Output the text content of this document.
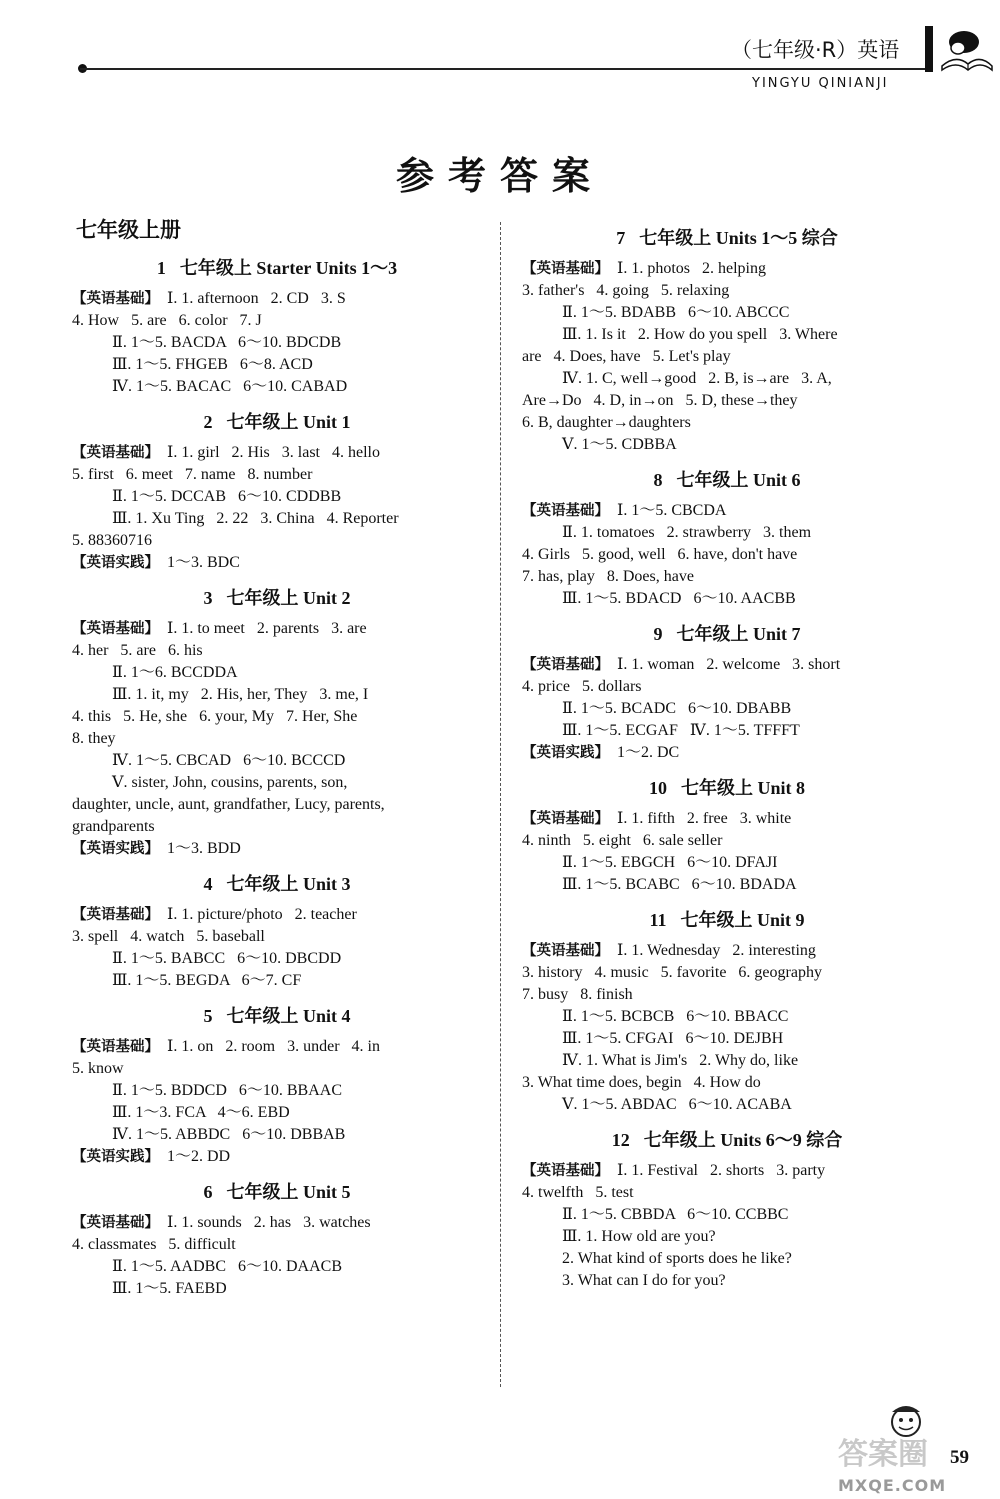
（七年级·R）英语
YINGYU QINIANJI
参考答案
七年级上册
1 七年级上 Starter Units 1～3
【英语基础】 Ⅰ. 1. afternoon   2. CD   3. S
4. How   5. are   6. color   7. J
Ⅱ. 1～5. BACDA   6～10. BDCDB
Ⅲ. 1～5. FHGEB   6～8. ACD
Ⅳ. 1～5. BACAC   6～10. CABAD
2 七年级上 Unit 1
【英语基础】 Ⅰ. 1. girl   2. His   3. last   4. hello
5. first   6. meet   7. name   8. number
Ⅱ. 1～5. DCCAB   6～10. CDDBB
Ⅲ. 1. Xu Ting   2. 22   3. China   4. Reporter
5. 88360716
【英语实践】 1～3. BDC
3 七年级上 Unit 2
【英语基础】 Ⅰ. 1. to meet   2. parents   3. are
4. her   5. are   6. his
Ⅱ. 1～6. BCCDDA
Ⅲ. 1. it, my   2. His, her, They   3. me, I
4. this   5. He, she   6. your, My   7. Her, She
8. they
Ⅳ. 1～5. CBCAD   6～10. BCCCD
Ⅴ. sister, John, cousins, parents, son,
daughter, uncle, aunt, grandfather, Lucy, parents,
grandparents
【英语实践】 1～3. BDD
4 七年级上 Unit 3
【英语基础】 Ⅰ. 1. picture/photo   2. teacher
3. spell   4. watch   5. baseball
Ⅱ. 1～5. BABCC   6～10. DBCDD
Ⅲ. 1～5. BEGDA   6～7. CF
5 七年级上 Unit 4
【英语基础】 Ⅰ. 1. on   2. room   3. under   4. in
5. know
Ⅱ. 1～5. BDDCD   6～10. BBAAC
Ⅲ. 1～3. FCA   4～6. EBD
Ⅳ. 1～5. ABBDC   6～10. DBBAB
【英语实践】 1～2. DD
6 七年级上 Unit 5
【英语基础】 Ⅰ. 1. sounds   2. has   3. watches
4. classmates   5. difficult
Ⅱ. 1～5. AADBC   6～10. DAACB
Ⅲ. 1～5. FAEBD
7 七年级上 Units 1～5 综合
【英语基础】 Ⅰ. 1. photos   2. helping
3. father's   4. going   5. relaxing
Ⅱ. 1～5. BDABB   6～10. ABCCC
Ⅲ. 1. Is it   2. How do you spell   3. Where
are   4. Does, have   5. Let's play
Ⅳ. 1. C, well→good   2. B, is→are   3. A,
Are→Do   4. D, in→on   5. D, these→they
6. B, daughter→daughters
Ⅴ. 1～5. CDBBA
8 七年级上 Unit 6
【英语基础】 Ⅰ. 1～5. CBCDA
Ⅱ. 1. tomatoes   2. strawberry   3. them
4. Girls   5. good, well   6. have, don't have
7. has, play   8. Does, have
Ⅲ. 1～5. BDACD   6～10. AACBB
9 七年级上 Unit 7
【英语基础】 Ⅰ. 1. woman   2. welcome   3. short
4. price   5. dollars
Ⅱ. 1～5. BCADC   6～10. DBABB
Ⅲ. 1～5. ECGAF   Ⅳ. 1～5. TFFFT
【英语实践】 1～2. DC
10 七年级上 Unit 8
【英语基础】 Ⅰ. 1. fifth   2. free   3. white
4. ninth   5. eight   6. sale seller
Ⅱ. 1～5. EBGCH   6～10. DFAJI
Ⅲ. 1～5. BCABC   6～10. BDADA
11 七年级上 Unit 9
【英语基础】 Ⅰ. 1. Wednesday   2. interesting
3. history   4. music   5. favorite   6. geography
7. busy   8. finish
Ⅱ. 1～5. BCBCB   6～10. BBACC
Ⅲ. 1～5. CFGAI   6～10. DEJBH
Ⅳ. 1. What is Jim's   2. Why do, like
3. What time does, begin   4. How do
Ⅴ. 1～5. ABDAC   6～10. ACABA
12 七年级上 Units 6～9 综合
【英语基础】 Ⅰ. 1. Festival   2. shorts   3. party
4. twelfth   5. test
Ⅱ. 1～5. CBBDA   6～10. CCBBC
Ⅲ. 1. How old are you?
2. What kind of sports does he like?
3. What can I do for you?
答案圈
MXQE.COM
59
